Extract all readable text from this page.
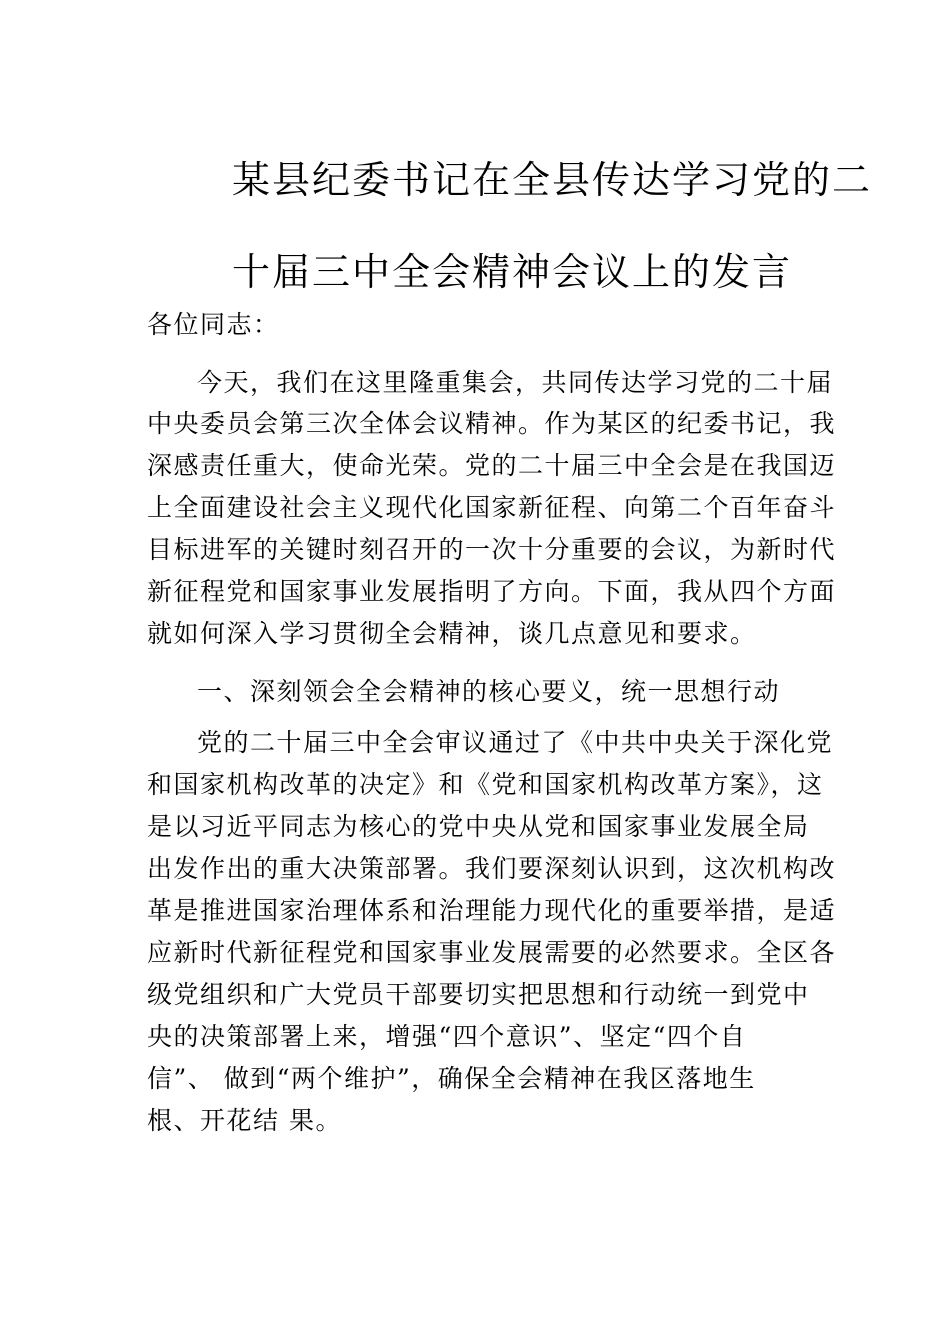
某县纪委书记在全县传达学习党的二
十届三中全会精神会议上的发言
各位同志：
今天，我们在这里隆重集会，共同传达学习党的二十届
中央委员会第三次全体会议精神。作为某区的纪委书记，我
深感责任重大，使命光荣。党的二十届三中全会是在我国迈
上全面建设社会主义现代化国家新征程、向第二个百年奋斗
目标进军的关键时刻召开的一次十分重要的会议，为新时代
新征程党和国家事业发展指明了方向。下面，我从四个方面
就如何深入学习贯彻全会精神，谈几点意见和要求。
一、深刻领会全会精神的核心要义，统一思想行动
党的二十届三中全会审议通过了《中共中央关于深化党
和国家机构改革的决定》和《党和国家机构改革方案》，这
是以习近平同志为核心的党中央从党和国家事业发展全局
出发作出的重大决策部署。我们要深刻认识到，这次机构改
革是推进国家治理体系和治理能力现代化的重要举措，是适
应新时代新征程党和国家事业发展需要的必然要求。全区各
级党组织和广大党员干部要切实把思想和行动统一到党中
央的决策部署上来，增强“四个意识”、坚定“四个自
信”、 做到“两个维护”，确保全会精神在我区落地生
根、开花结 果。
